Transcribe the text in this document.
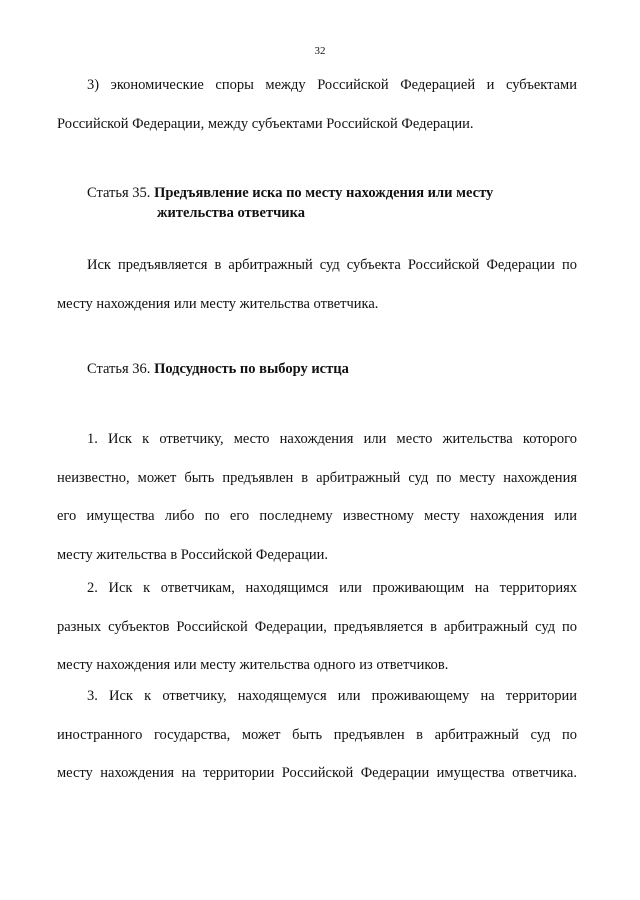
32
3) экономические споры между Российской Федерацией и субъектами
Российской Федерации, между субъектами Российской Федерации.
Статья 35. Предъявление иска по месту нахождения или месту
жительства ответчика
Иск предъявляется в арбитражный суд субъекта Российской Федерации по
месту нахождения или месту жительства ответчика.
Статья 36. Подсудность по выбору истца
1. Иск к ответчику, место нахождения или место жительства которого
неизвестно, может быть предъявлен в арбитражный суд по месту нахождения
его имущества либо по его последнему известному месту нахождения или
месту жительства в Российской Федерации.
2. Иск к ответчикам, находящимся или проживающим на территориях
разных субъектов Российской Федерации, предъявляется в арбитражный суд по
месту нахождения или месту жительства одного из ответчиков.
3. Иск к ответчику, находящемуся или проживающему на территории
иностранного государства, может быть предъявлен в арбитражный суд по
месту нахождения на территории Российской Федерации имущества ответчика.
